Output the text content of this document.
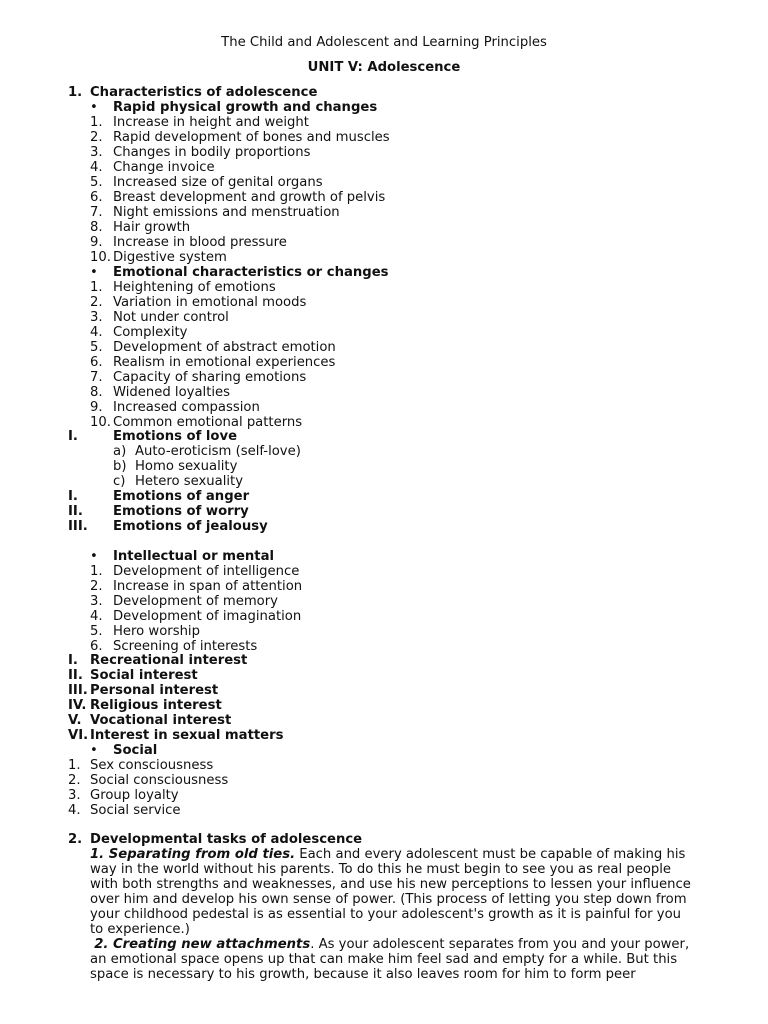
The Child and Adolescent and Learning Principles
UNIT V: Adolescence
1. Characteristics of adolescence
• Rapid physical growth and changes
1. Increase in height and weight
2. Rapid development of bones and muscles
3. Changes in bodily proportions
4. Change invoice
5. Increased size of genital organs
6. Breast development and growth of pelvis
7. Night emissions and menstruation
8. Hair growth
9. Increase in blood pressure
10. Digestive system
• Emotional characteristics or changes
1. Heightening of emotions
2. Variation in emotional moods
3. Not under control
4. Complexity
5. Development of abstract emotion
6. Realism in emotional experiences
7. Capacity of sharing emotions
8. Widened loyalties
9. Increased compassion
10. Common emotional patterns
I.	Emotions of love
a) Auto-eroticism (self-love)
b) Homo sexuality
c) Hetero sexuality
I.	Emotions of anger
II. Emotions of worry
III. Emotions of jealousy
• Intellectual or mental
1. Development of intelligence
2. Increase in span of attention
3. Development of memory
4. Development of imagination
5. Hero worship
6. Screening of interests
I. Recreational interest
II. Social interest
III. Personal interest
IV. Religious interest
V. Vocational interest
VI. Interest in sexual matters
• Social
1. Sex consciousness
2. Social consciousness
3. Group loyalty
4. Social service
2. Developmental tasks of adolescence

1. Separating from old ties. Each and every adolescent must be capable of making his

way in the world without his parents. To do this he must begin to see you as real people

with both strengths and weaknesses, and use his new perceptions to lessen your influence

over him and develop his own sense of power. (This process of letting you step down from

your childhood pedestal is as essential to your adolescent's growth as it is painful for you

to experience.)

2. Creating new attachments. As your adolescent separates from you and your power,

an emotional space opens up that can make him feel sad and empty for a while. But this

space is necessary to his growth, because it also leaves room for him to form peer
